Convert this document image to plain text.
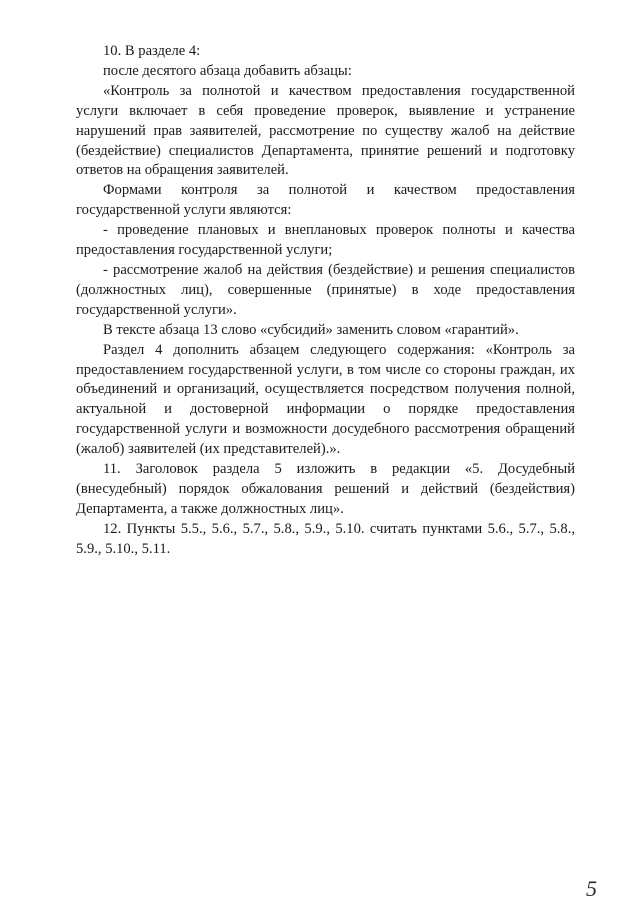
10. В разделе 4:

после десятого абзаца добавить абзацы:

«Контроль за полнотой и качеством предоставления государственной услуги включает в себя проведение проверок, выявление и устранение нарушений прав заявителей, рассмотрение по существу жалоб на действие (бездействие) специалистов Департамента, принятие решений и подготовку ответов на обращения заявителей.

Формами контроля за полнотой и качеством предоставления государственной услуги являются:

- проведение плановых и внеплановых проверок полноты и качества предоставления государственной услуги;

- рассмотрение жалоб на действия (бездействие) и решения специалистов (должностных лиц), совершенные (принятые) в ходе предоставления государственной услуги».

В тексте абзаца 13 слово «субсидий» заменить словом «гарантий».

Раздел 4 дополнить абзацем следующего содержания: «Контроль за предоставлением государственной услуги, в том числе со стороны граждан, их объединений и организаций, осуществляется посредством получения полной, актуальной и достоверной информации о порядке предоставления государственной услуги и возможности досудебного рассмотрения обращений (жалоб) заявителей (их представителей).».

11. Заголовок раздела 5 изложить в редакции «5. Досудебный (внесудебный) порядок обжалования решений и действий (бездействия) Департамента, а также должностных лиц».

12. Пункты 5.5., 5.6., 5.7., 5.8., 5.9., 5.10. считать пунктами 5.6., 5.7., 5.8., 5.9., 5.10., 5.11.

5
